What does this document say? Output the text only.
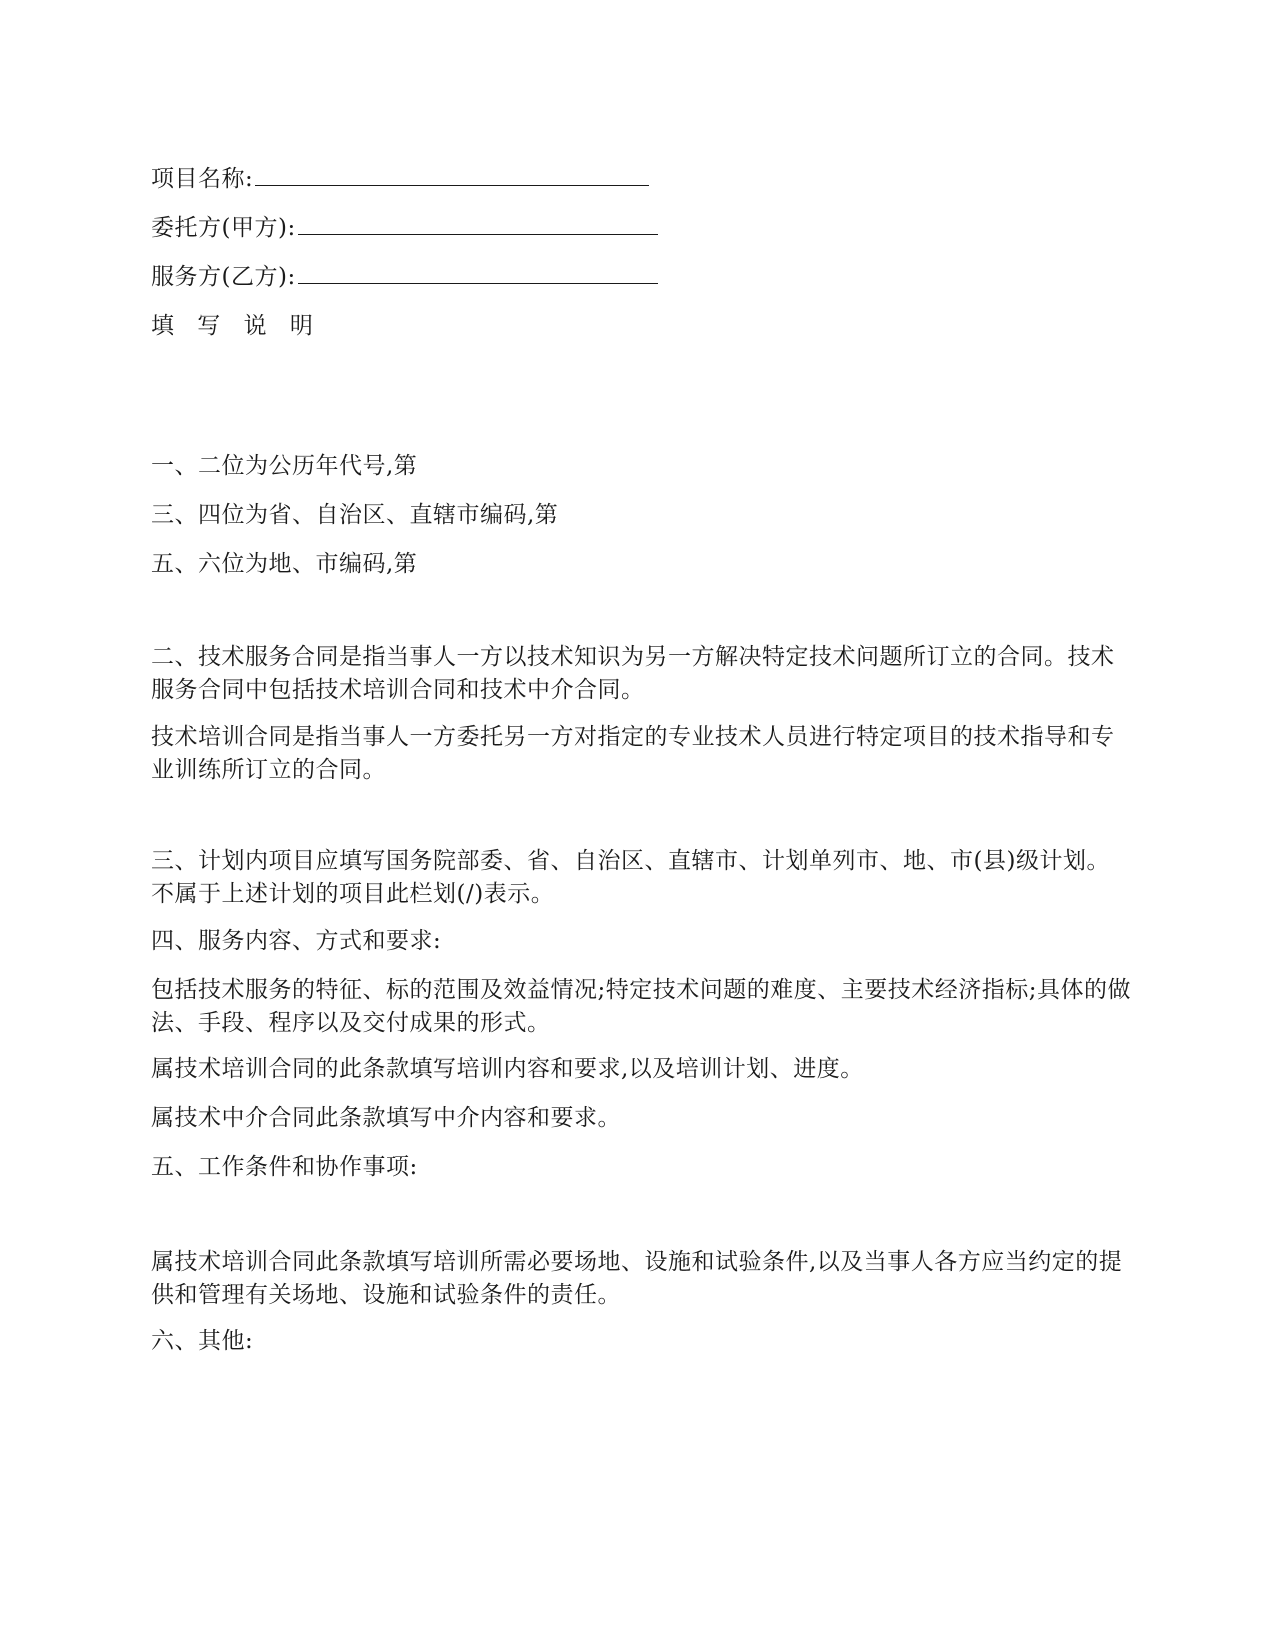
项目名称:
委托方(甲方):
服务方(乙方):
填 写 说 明
一、二位为公历年代号,第
三、四位为省、自治区、直辖市编码,第
五、六位为地、市编码,第
二、技术服务合同是指当事人一方以技术知识为另一方解决特定技术问题所订立的合同。技术服务合同中包括技术培训合同和技术中介合同。
技术培训合同是指当事人一方委托另一方对指定的专业技术人员进行特定项目的技术指导和专业训练所订立的合同。
三、计划内项目应填写国务院部委、省、自治区、直辖市、计划单列市、地、市(县)级计划。不属于上述计划的项目此栏划(/)表示。
四、服务内容、方式和要求:
包括技术服务的特征、标的范围及效益情况;特定技术问题的难度、主要技术经济指标;具体的做法、手段、程序以及交付成果的形式。
属技术培训合同的此条款填写培训内容和要求,以及培训计划、进度。
属技术中介合同此条款填写中介内容和要求。
五、工作条件和协作事项:
属技术培训合同此条款填写培训所需必要场地、设施和试验条件,以及当事人各方应当约定的提供和管理有关场地、设施和试验条件的责任。
六、其他:
